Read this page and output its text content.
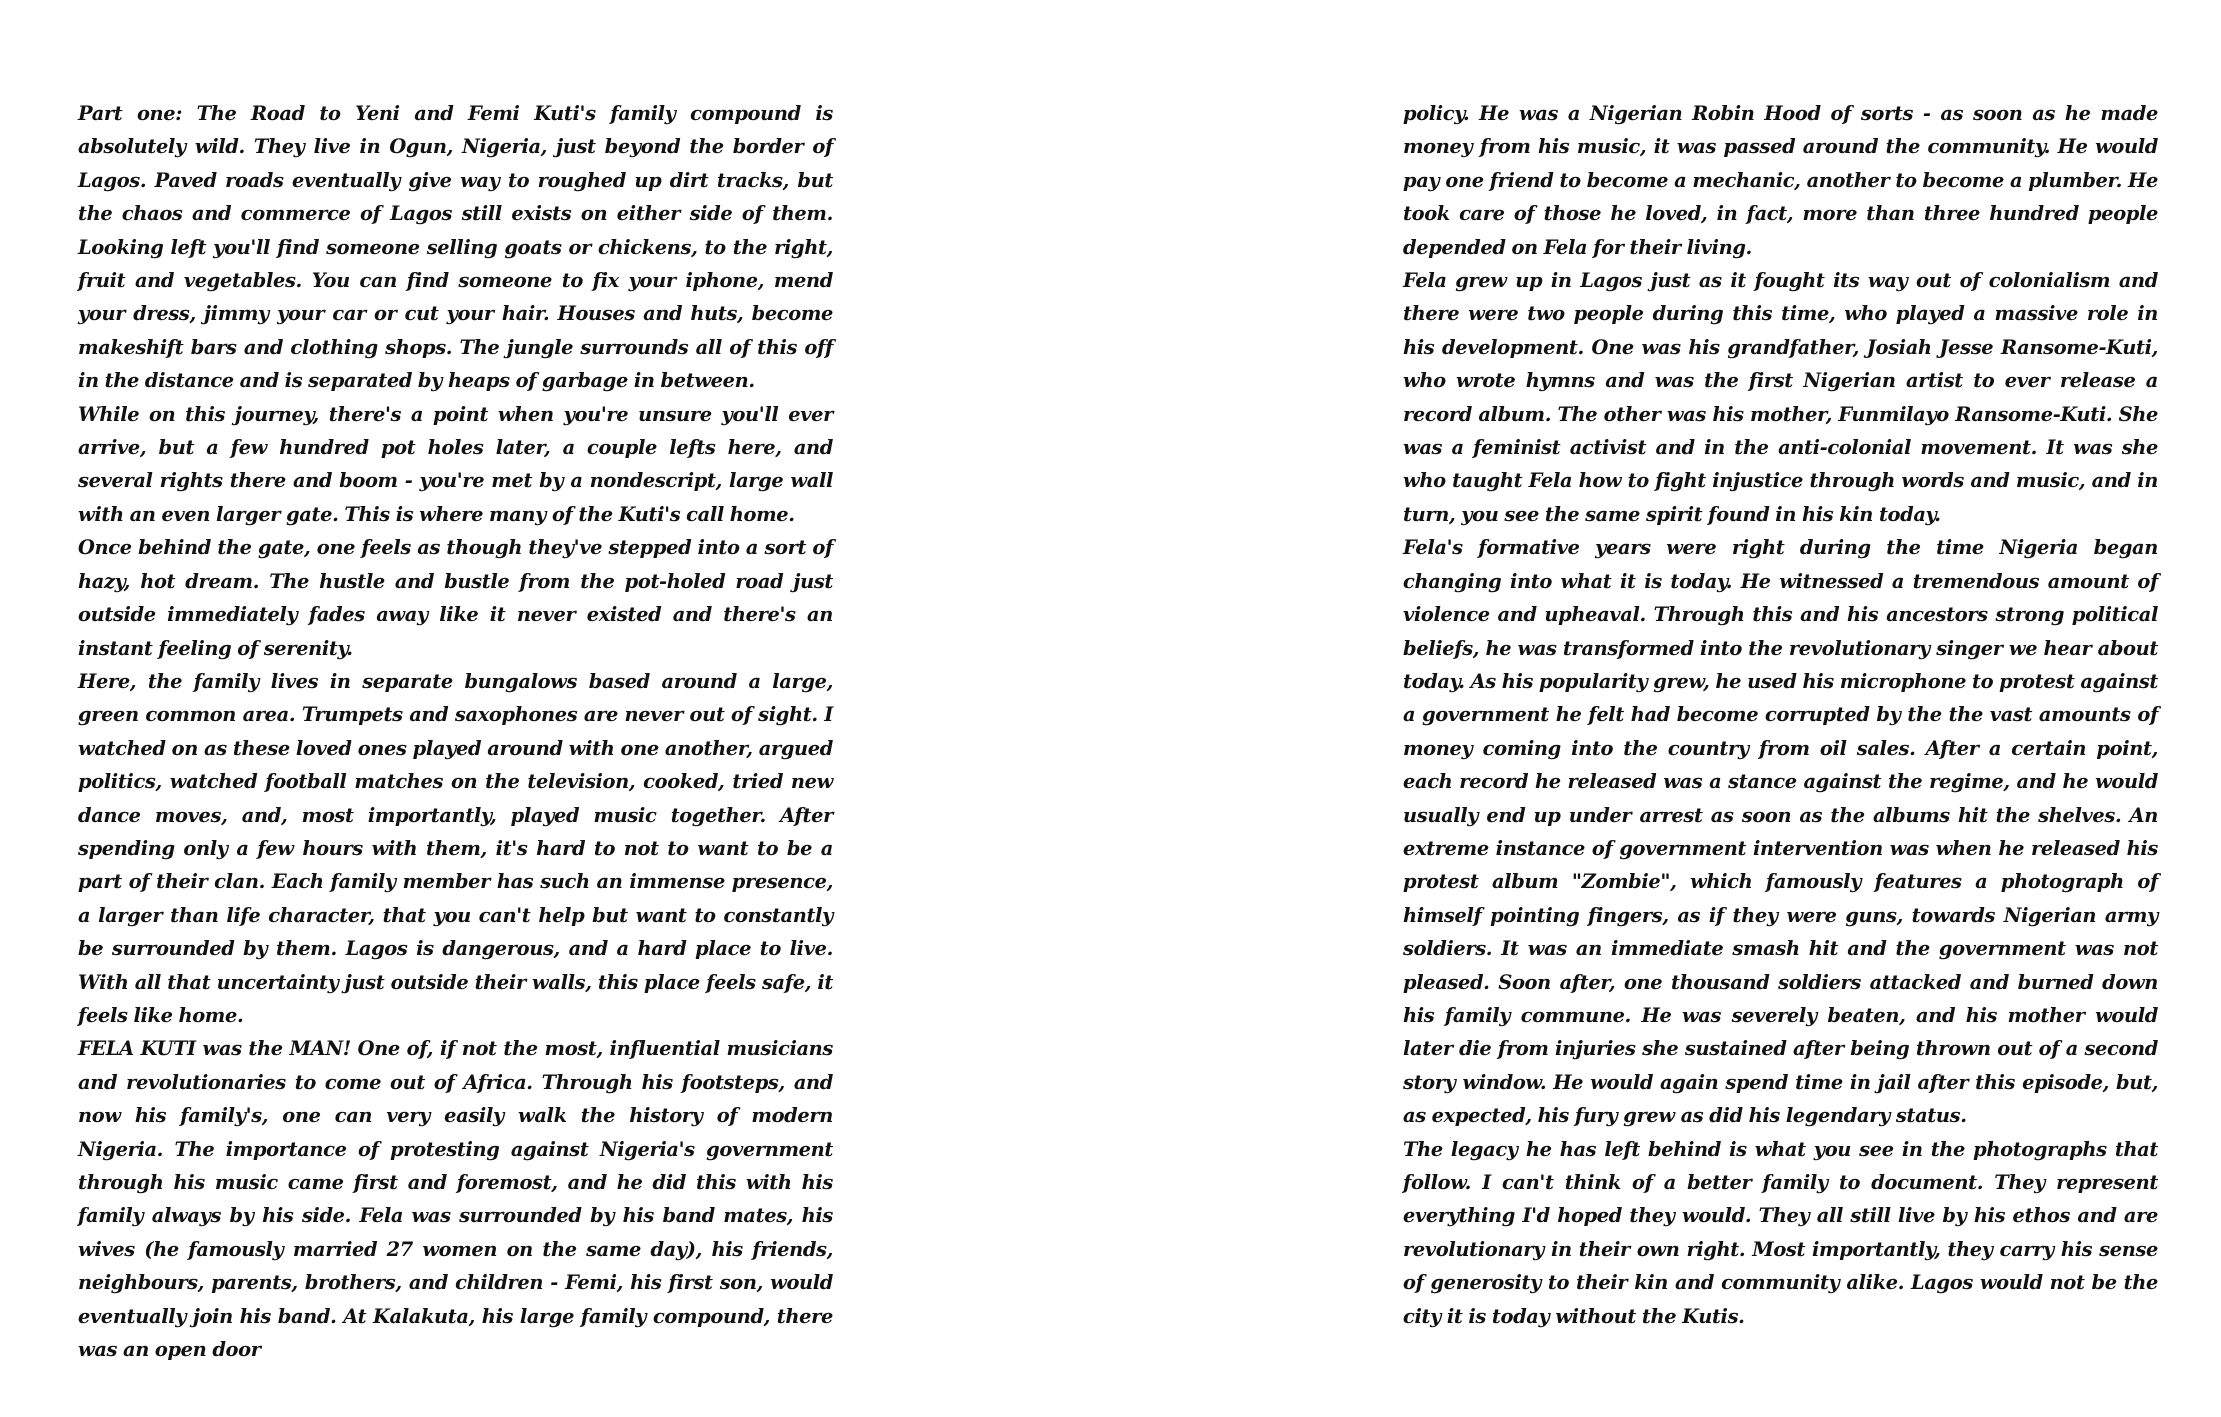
Part one: The Road to Yeni and Femi Kuti's family compound is absolutely wild. They live in Ogun, Nigeria, just beyond the border of Lagos. Paved roads eventually give way to roughed up dirt tracks, but the chaos and commerce of Lagos still exists on either side of them. Looking left you'll find someone selling goats or chickens, to the right, fruit and vegetables. You can find someone to fix your iphone, mend your dress, jimmy your car or cut your hair. Houses and huts, become makeshift bars and clothing shops. The jungle surrounds all of this off in the distance and is separated by heaps of garbage in between.

While on this journey, there's a point when you're unsure you'll ever arrive, but a few hundred pot holes later, a couple lefts here, and several rights there and boom - you're met by a nondescript, large wall with an even larger gate. This is where many of the Kuti's call home.

Once behind the gate, one feels as though they've stepped into a sort of hazy, hot dream. The hustle and bustle from the pot-holed road just outside immediately fades away like it never existed and there's an instant feeling of serenity.

Here, the family lives in separate bungalows based around a large, green common area. Trumpets and saxophones are never out of sight. I watched on as these loved ones played around with one another, argued politics, watched football matches on the television, cooked, tried new dance moves, and, most importantly, played music together. After spending only a few hours with them, it's hard to not to want to be a part of their clan. Each family member has such an immense presence, a larger than life character, that you can't help but want to constantly be surrounded by them. Lagos is dangerous, and a hard place to live. With all that uncertainty just outside their walls, this place feels safe, it feels like home.

FELA KUTI was the MAN! One of, if not the most, influential musicians and revolutionaries to come out of Africa. Through his footsteps, and now his family's, one can very easily walk the history of modern Nigeria. The importance of protesting against Nigeria's government through his music came first and foremost, and he did this with his family always by his side. Fela was surrounded by his band mates, his wives (he famously married 27 women on the same day), his friends, neighbours, parents, brothers, and children - Femi, his first son, would eventually join his band. At Kalakuta, his large family compound, there was an open door

policy. He was a Nigerian Robin Hood of sorts - as soon as he made money from his music, it was passed around the community. He would pay one friend to become a mechanic, another to become a plumber. He took care of those he loved, in fact, more than three hundred people depended on Fela for their living.

Fela grew up in Lagos just as it fought its way out of colonialism and there were two people during this time, who played a massive role in his development. One was his grandfather, Josiah Jesse Ransome-Kuti, who wrote hymns and was the first Nigerian artist to ever release a record album. The other was his mother, Funmilayo Ransome-Kuti. She was a feminist activist and in the anti-colonial movement. It was she who taught Fela how to fight injustice through words and music, and in turn, you see the same spirit found in his kin today.

Fela's formative years were right during the time Nigeria began changing into what it is today. He witnessed a tremendous amount of violence and upheaval. Through this and his ancestors strong political beliefs, he was transformed into the revolutionary singer we hear about today. As his popularity grew, he used his microphone to protest against a government he felt had become corrupted by the the vast amounts of money coming into the country from oil sales. After a certain point, each record he released was a stance against the regime, and he would usually end up under arrest as soon as the albums hit the shelves. An extreme instance of government intervention was when he released his protest album "Zombie", which famously features a photograph of himself pointing fingers, as if they were guns, towards Nigerian army soldiers. It was an immediate smash hit and the government was not pleased. Soon after, one thousand soldiers attacked and burned down his family commune. He was severely beaten, and his mother would later die from injuries she sustained after being thrown out of a second story window. He would again spend time in jail after this episode, but, as expected, his fury grew as did his legendary status.

The legacy he has left behind is what you see in the photographs that follow. I can't think of a better family to document. They represent everything I'd hoped they would. They all still live by his ethos and are revolutionary in their own right. Most importantly, they carry his sense of generosity to their kin and community alike. Lagos would not be the city it is today without the Kutis.
